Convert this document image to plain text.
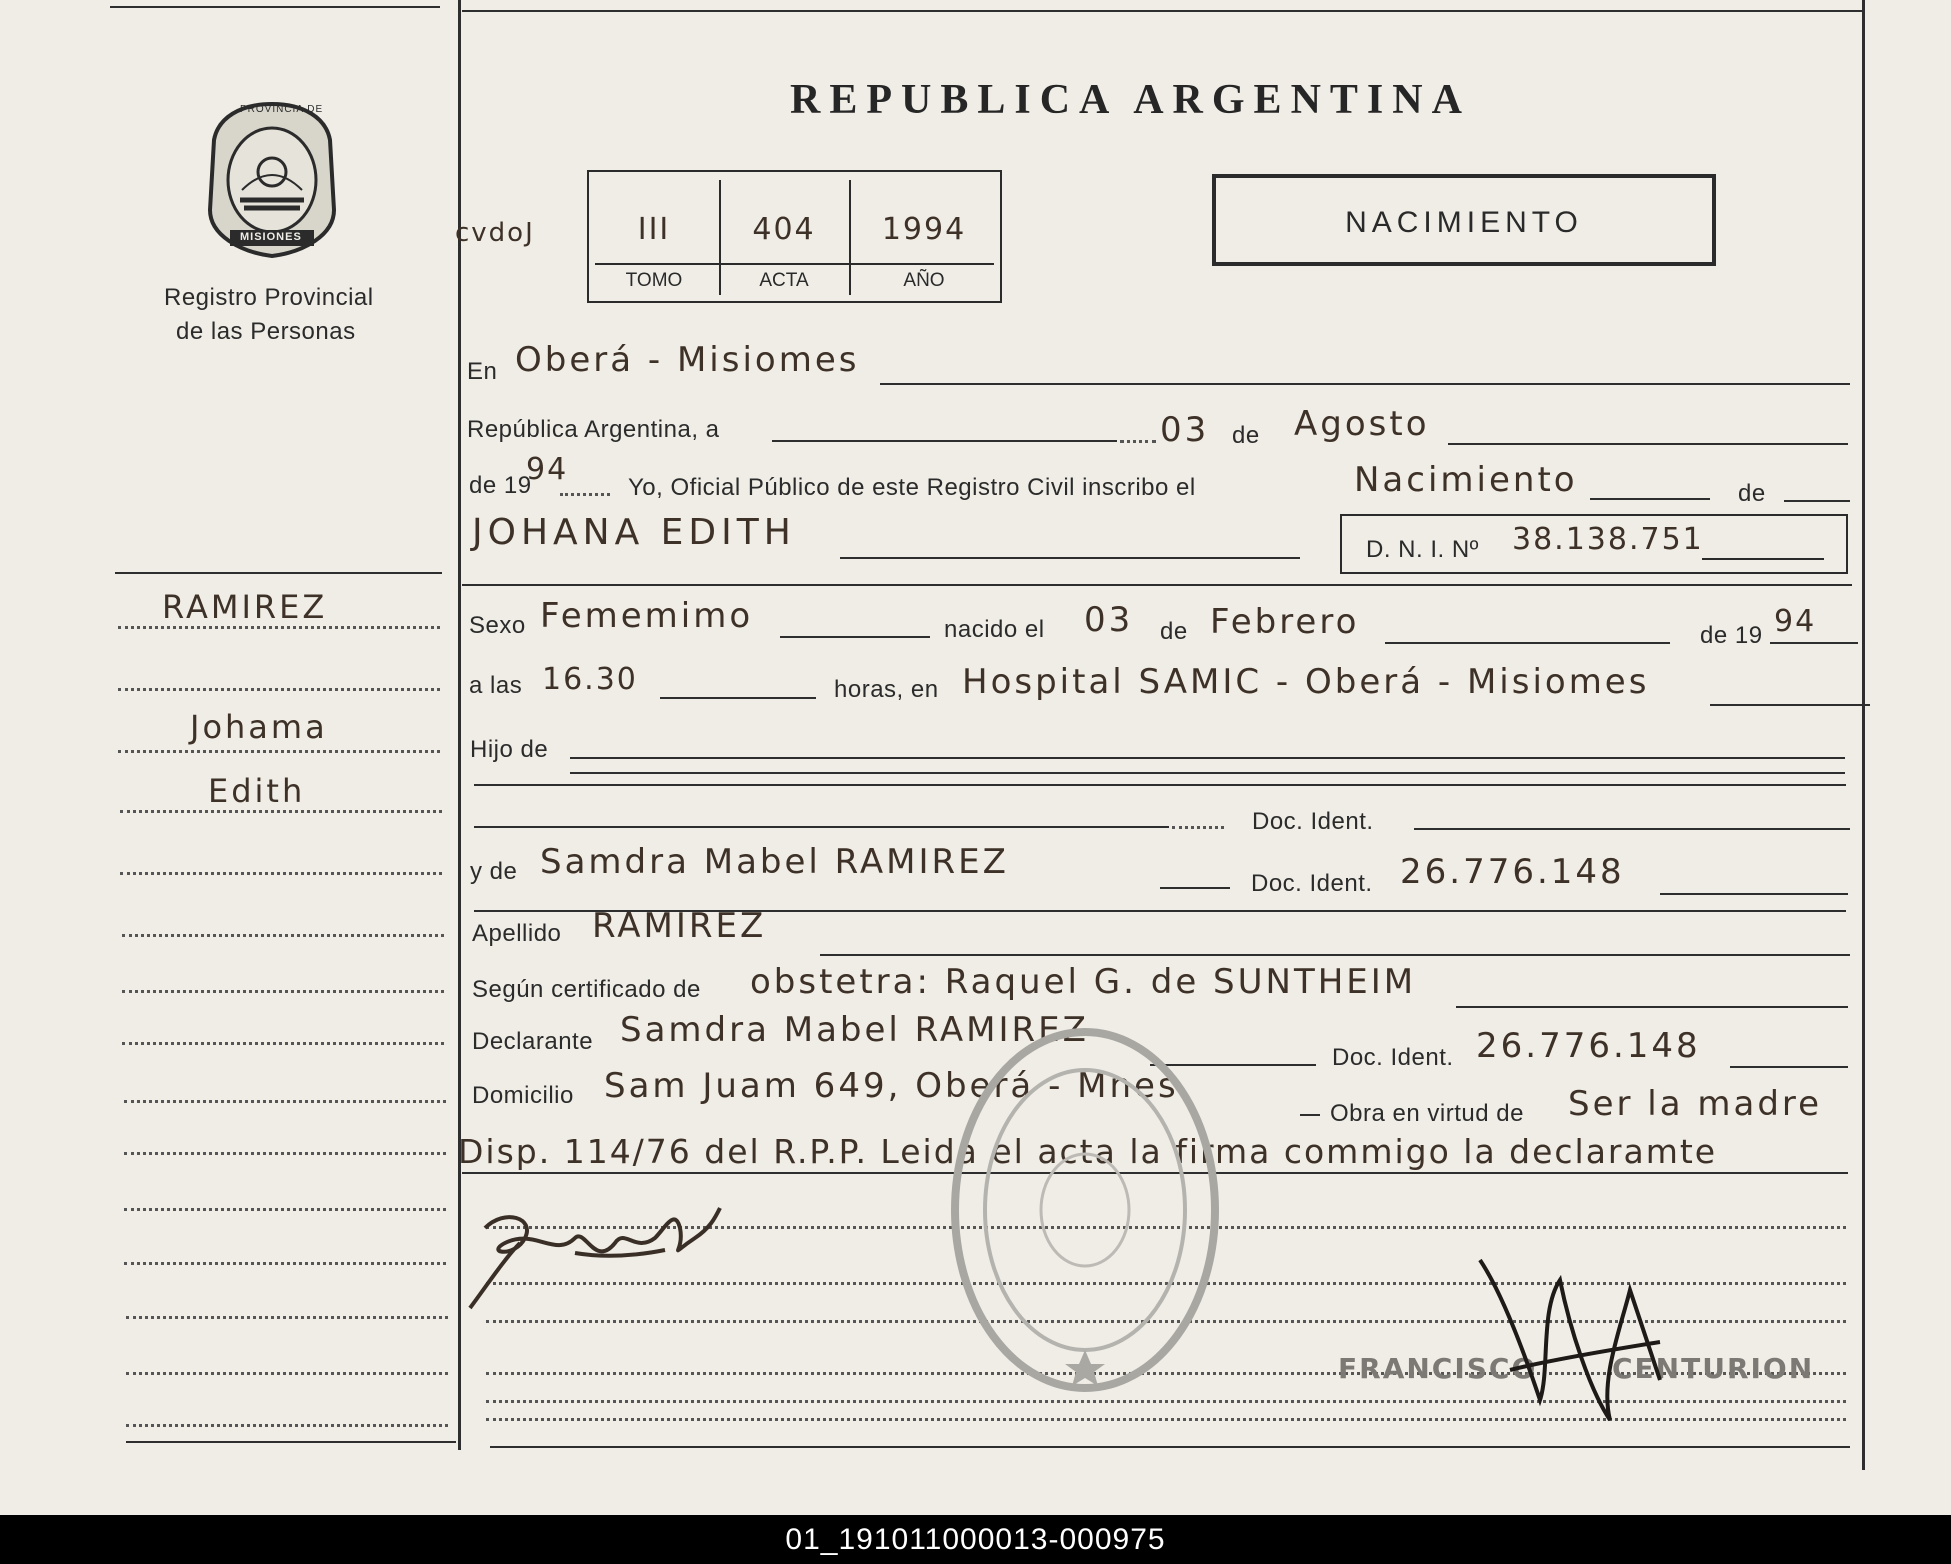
PROVINCIA DE
MISIONES
Registro Provincial
de las Personas
REPUBLICA ARGENTINA
NACIMIENTO
cvdoJ	III	404	1994
TOMO	ACTA	AÑO
En Oberá - Misiomes
República Argentina, a	03 de Agosto
de 19
94
Yo, Oficial Público de este Registro Civil inscribo el	Nacimiento	de
JOHANA EDITH	D. N. I. Nº 38.138.751
Sexo Fememimo	nacido el 03 de Febrero	de 19 94
a las 16.30	horas, en Hospital SAMIC - Oberá - Misiomes
Hijo de
Doc. Ident.
y de Samdra Mabel RAMIREZ
Doc. Ident. 26.776.148
Apellido RAMIREZ
Según certificado de obstetra: Raquel G. de SUNTHEIM
Declarante Samdra Mabel RAMIREZ
Doc. Ident. 26.776.148
Domicilio Sam Juam 649, Oberá - Mnes
Obra en virtud de Ser la madre
Disp. 114/76 del R.P.P. Leida el acta la firma commigo la declaramte
FRANCISCO	CENTURION
RAMIREZ
Johama
Edith
01_191011000013-000975
